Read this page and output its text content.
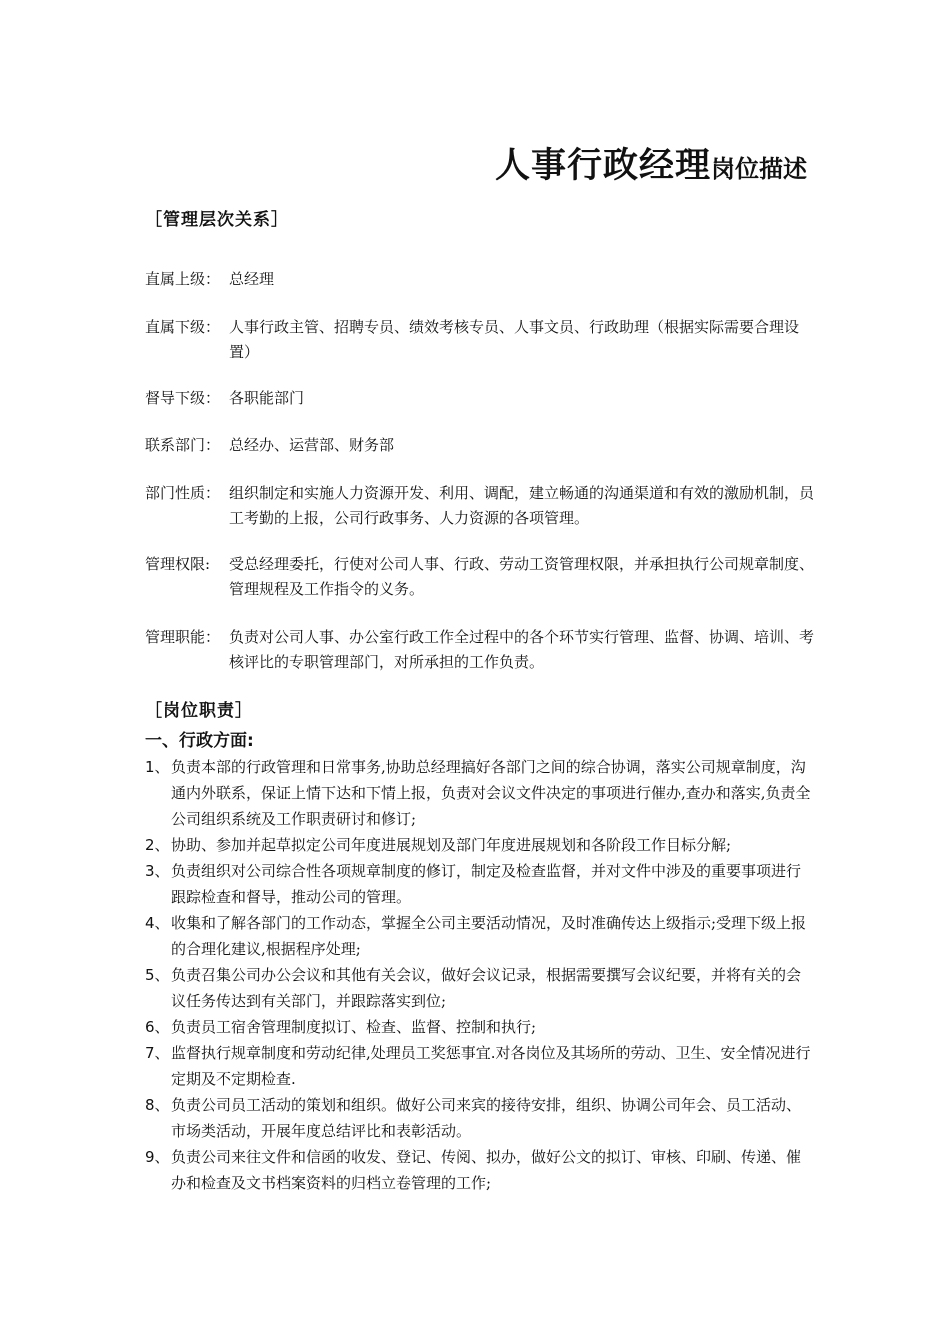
人事行政经理岗位描述
［管理层次关系］
直属上级： 总经理
直属下级： 人事行政主管、招聘专员、绩效考核专员、人事文员、行政助理（根据实际需要合理设置）
督导下级： 各职能部门
联系部门： 总经办、运营部、财务部
部门性质： 组织制定和实施人力资源开发、利用、调配，建立畅通的沟通渠道和有效的激励机制，员工考勤的上报，公司行政事务、人力资源的各项管理。
管理权限:	受总经理委托，行使对公司人事、行政、劳动工资管理权限，并承担执行公司规章制度、管理规程及工作指令的义务。
管理职能： 负责对公司人事、办公室行政工作全过程中的各个环节实行管理、监督、协调、培训、考核评比的专职管理部门，对所承担的工作负责。
［岗位职责］
一、行政方面:
1、 负责本部的行政管理和日常事务,协助总经理搞好各部门之间的综合协调，落实公司规章制度，沟通内外联系，保证上情下达和下情上报，负责对会议文件决定的事项进行催办,查办和落实,负责全公司组织系统及工作职责研讨和修订;
2、 协助、参加并起草拟定公司年度进展规划及部门年度进展规划和各阶段工作目标分解;
3、 负责组织对公司综合性各项规章制度的修订，制定及检查监督，并对文件中涉及的重要事项进行跟踪检查和督导，推动公司的管理。
4、 收集和了解各部门的工作动态，掌握全公司主要活动情况，及时准确传达上级指示;受理下级上报的合理化建议,根据程序处理;
5、 负责召集公司办公会议和其他有关会议，做好会议记录，根据需要撰写会议纪要，并将有关的会议任务传达到有关部门，并跟踪落实到位;
6、 负责员工宿舍管理制度拟订、检查、监督、控制和执行;
7、 监督执行规章制度和劳动纪律,处理员工奖惩事宜.对各岗位及其场所的劳动、卫生、安全情况进行定期及不定期检查.
8、 负责公司员工活动的策划和组织。做好公司来宾的接待安排，组织、协调公司年会、员工活动、市场类活动，开展年度总结评比和表彰活动。
9、 负责公司来往文件和信函的收发、登记、传阅、拟办，做好公文的拟订、审核、印刷、传递、催办和检查及文书档案资料的归档立卷管理的工作;
